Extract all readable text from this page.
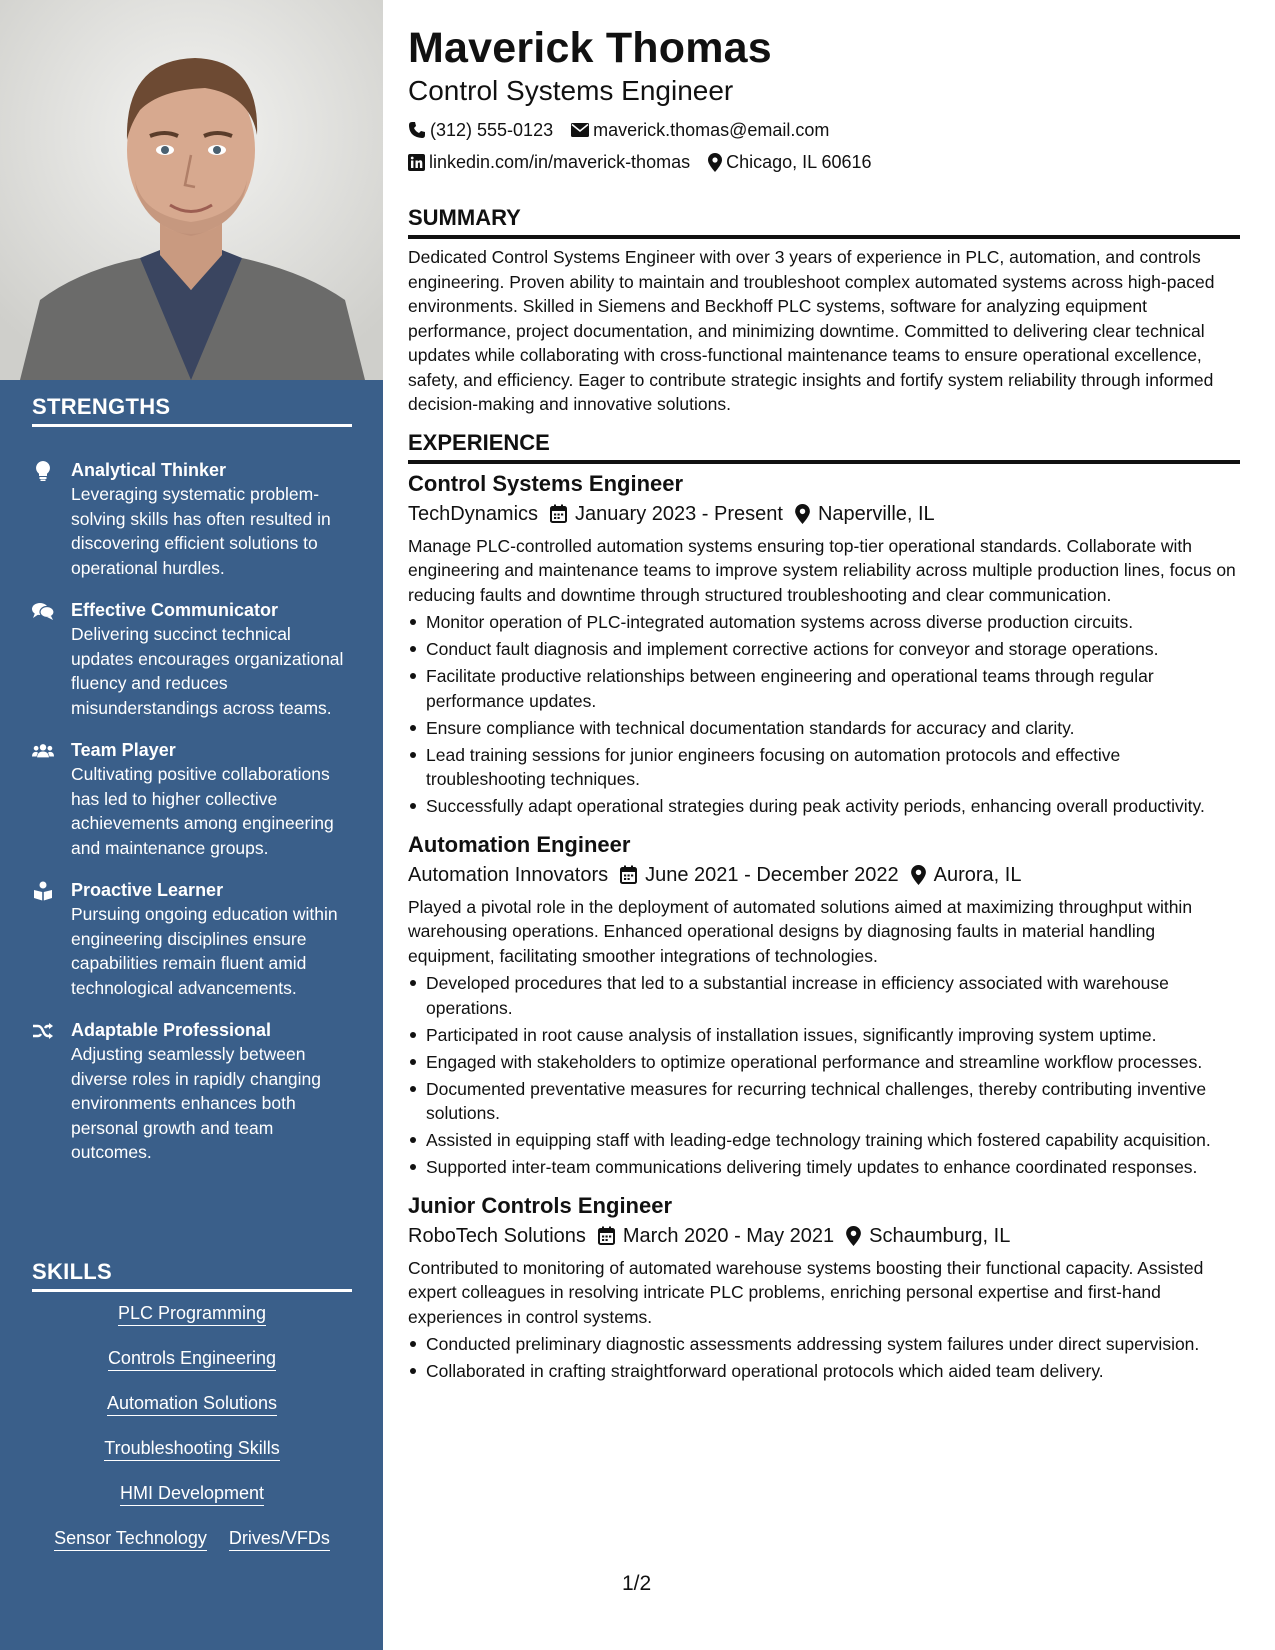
STRENGTHS
Analytical Thinker
Leveraging systematic problem-solving skills has often resulted in discovering efficient solutions to operational hurdles.
Effective Communicator
Delivering succinct technical updates encourages organizational fluency and reduces misunderstandings across teams.
Team Player
Cultivating positive collaborations has led to higher collective achievements among engineering and maintenance groups.
Proactive Learner
Pursuing ongoing education within engineering disciplines ensure capabilities remain fluent amid technological advancements.
Adaptable Professional
Adjusting seamlessly between diverse roles in rapidly changing environments enhances both personal growth and team outcomes.
SKILLS
PLC Programming
Controls Engineering
Automation Solutions
Troubleshooting Skills
HMI Development
Sensor Technology Drives/VFDs
Maverick Thomas
Control Systems Engineer
(312) 555-0123 maverick.thomas@email.com
linkedin.com/in/maverick-thomas Chicago, IL 60616
SUMMARY

Dedicated Control Systems Engineer with over 3 years of experience in PLC, automation, and controls engineering. Proven ability to maintain and troubleshoot complex automated systems across high-paced environments. Skilled in Siemens and Beckhoff PLC systems, software for analyzing equipment performance, project documentation, and minimizing downtime. Committed to delivering clear technical updates while collaborating with cross-functional maintenance teams to ensure operational excellence, safety, and efficiency. Eager to contribute strategic insights and fortify system reliability through informed decision-making and innovative solutions.

EXPERIENCE
Control Systems Engineer
TechDynamics January 2023 - Present Naperville, IL

Manage PLC-controlled automation systems ensuring top-tier operational standards. Collaborate with engineering and maintenance teams to improve system reliability across multiple production lines, focus on reducing faults and downtime through structured troubleshooting and clear communication.

Monitor operation of PLC-integrated automation systems across diverse production circuits.
Conduct fault diagnosis and implement corrective actions for conveyor and storage operations.
Facilitate productive relationships between engineering and operational teams through regular performance updates.
Ensure compliance with technical documentation standards for accuracy and clarity.
Lead training sessions for junior engineers focusing on automation protocols and effective troubleshooting techniques.
Successfully adapt operational strategies during peak activity periods, enhancing overall productivity.
Automation Engineer
Automation Innovators June 2021 - December 2022 Aurora, IL

Played a pivotal role in the deployment of automated solutions aimed at maximizing throughput within warehousing operations. Enhanced operational designs by diagnosing faults in material handling equipment, facilitating smoother integrations of technologies.

Developed procedures that led to a substantial increase in efficiency associated with warehouse operations.
Participated in root cause analysis of installation issues, significantly improving system uptime.
Engaged with stakeholders to optimize operational performance and streamline workflow processes.
Documented preventative measures for recurring technical challenges, thereby contributing inventive solutions.
Assisted in equipping staff with leading-edge technology training which fostered capability acquisition.
Supported inter-team communications delivering timely updates to enhance coordinated responses.
Junior Controls Engineer
RoboTech Solutions March 2020 - May 2021 Schaumburg, IL

Contributed to monitoring of automated warehouse systems boosting their functional capacity. Assisted expert colleagues in resolving intricate PLC problems, enriching personal expertise and first-hand experiences in control systems.

Conducted preliminary diagnostic assessments addressing system failures under direct supervision.
Collaborated in crafting straightforward operational protocols which aided team delivery.
1/2
